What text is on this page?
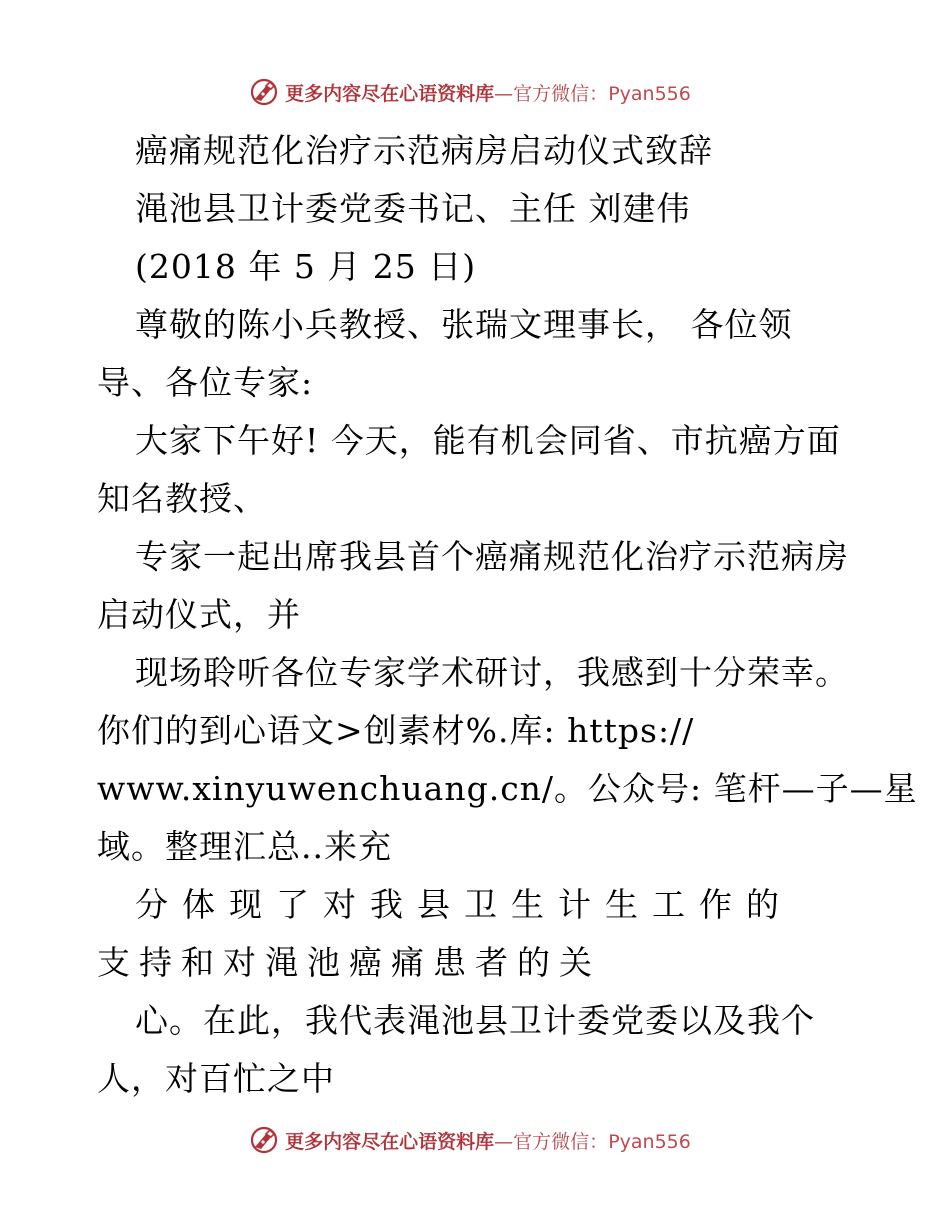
更多内容尽在心语资料库—官方微信：Pyan556
癌痛规范化治疗示范病房启动仪式致辞
渑池县卫计委党委书记、主任 刘建伟
(2018 年 5 月 25 日)
尊敬的陈小兵教授、张瑞文理事长， 各位领
导、各位专家:
大家下午好! 今天，能有机会同省、市抗癌方面
知名教授、
专家一起出席我县首个癌痛规范化治疗示范病房
启动仪式，并
现场聆听各位专家学术研讨，我感到十分荣幸。
你们的到心语文>创素材%.库: https://
www.xinyuwenchuang.cn/。公众号: 笔杆—子—星
域。整理汇总..来充
分体现了对我县卫生计生工作的
支持和对渑池癌痛患者的关
心。在此，我代表渑池县卫计委党委以及我个
人，对百忙之中
更多内容尽在心语资料库—官方微信：Pyan556
